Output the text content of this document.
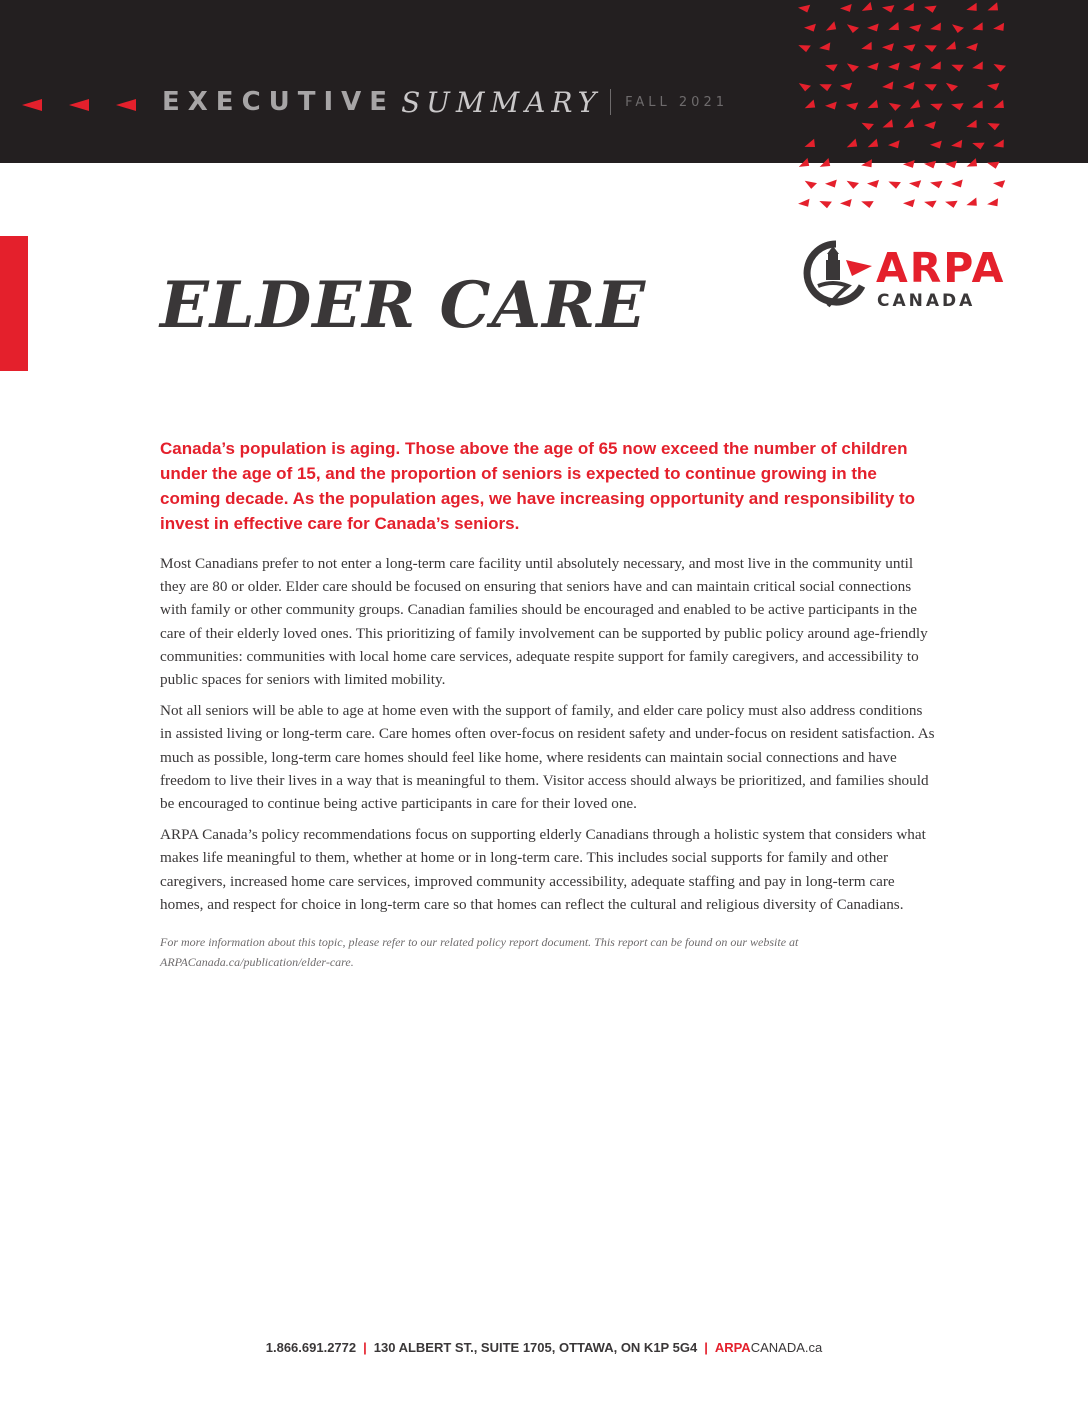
EXECUTIVE SUMMARY FALL 2021
ELDER CARE	ARPA
CANADA

Canada’s population is aging. Those above the age of 65 now exceed the number of children under the age of 15, and the proportion of seniors is expected to continue growing in the coming decade. As the population ages, we have increasing opportunity and responsibility to invest in effective care for Canada’s seniors.

Most Canadians prefer to not enter a long-term care facility until absolutely necessary, and most live in the community until they are 80 or older. Elder care should be focused on ensuring that seniors have and can maintain critical social connections with family or other community groups. Canadian families should be encouraged and enabled to be active participants in the care of their elderly loved ones. This prioritizing of family involvement can be supported by public policy around age-friendly communities: communities with local home care services, adequate respite support for family caregivers, and accessibility to public spaces for seniors with limited mobility.

Not all seniors will be able to age at home even with the support of family, and elder care policy must also address conditions in assisted living or long-term care. Care homes often over-focus on resident safety and under-focus on resident satisfaction. As much as possible, long-term care homes should feel like home, where residents can maintain social connections and have freedom to live their lives in a way that is meaningful to them. Visitor access should always be prioritized, and families should be encouraged to continue being active participants in care for their loved one.

ARPA Canada’s policy recommendations focus on supporting elderly Canadians through a holistic system that considers what makes life meaningful to them, whether at home or in long-term care. This includes social supports for family and other caregivers, increased home care services, improved community accessibility, adequate staffing and pay in long-term care homes, and respect for choice in long-term care so that homes can reflect the cultural and religious diversity of Canadians.

For more information about this topic, please refer to our related policy report document. This report can be found on our website at ARPACanada.ca/publication/elder-care.
1.866.691.2772 | 130 ALBERT ST., SUITE 1705, OTTAWA, ON K1P 5G4 | ARPACANADA.ca
